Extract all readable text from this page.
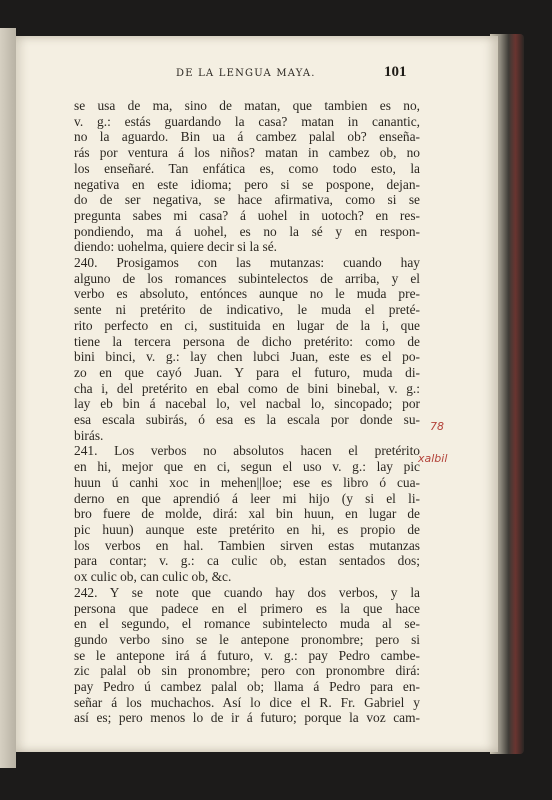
DE LA LENGUA MAYA.	101
se usa de ma, sino de matan, que tambien es no,
v. g.: estás guardando la casa? matan in canantic,
no la aguardo. Bin ua á cambez palal ob? enseña-
rás por ventura á los niños? matan in cambez ob, no
los enseñaré. Tan enfática es, como todo esto, la
negativa en este idioma; pero si se pospone, dejan-
do de ser negativa, se hace afirmativa, como si se
pregunta sabes mi casa? á uohel in uotoch? en res-
pondiendo, ma á uohel, es no la sé y en respon-
diendo: uohelma, quiere decir si la sé.
240. Prosigamos con las mutanzas: cuando hay
alguno de los romances subintelectos de arriba, y el
verbo es absoluto, entónces aunque no le muda pre-
sente ni pretérito de indicativo, le muda el preté-
rito perfecto en ci, sustituida en lugar de la i, que
tiene la tercera persona de dicho pretérito: como de
bini binci, v. g.: lay chen lubci Juan, este es el po-
zo en que cayó Juan. Y para el futuro, muda di-
cha i, del pretérito en ebal como de bini binebal, v. g.:
lay eb bin á nacebal lo, vel nacbal lo, sincopado; por
esa escala subirás, ó esa es la escala por donde su-
birás.
241. Los verbos no absolutos hacen el pretérito
en hi, mejor que en ci, segun el uso v. g.: lay pic
huun ú canhi xoc in mehen||loe; ese es libro ó cua-
derno en que aprendió á leer mi hijo (y si el li-
bro fuere de molde, dirá: xal bin huun, en lugar de
pic huun) aunque este pretérito en hi, es propio de
los verbos en hal. Tambien sirven estas mutanzas
para contar; v. g.: ca culic ob, estan sentados dos;
ox culic ob, can culic ob, &c.
242. Y se note que cuando hay dos verbos, y la
persona que padece en el primero es la que hace
en el segundo, el romance subintelecto muda al se-
gundo verbo sino se le antepone pronombre; pero si
se le antepone irá á futuro, v. g.: pay Pedro cambe-
zic palal ob sin pronombre; pero con pronombre dirá:
pay Pedro ú cambez palal ob; llama á Pedro para en-
señar á los muchachos. Así lo dice el R. Fr. Gabriel y
así es; pero menos lo de ir á futuro; porque la voz cam-
78
xalbil
